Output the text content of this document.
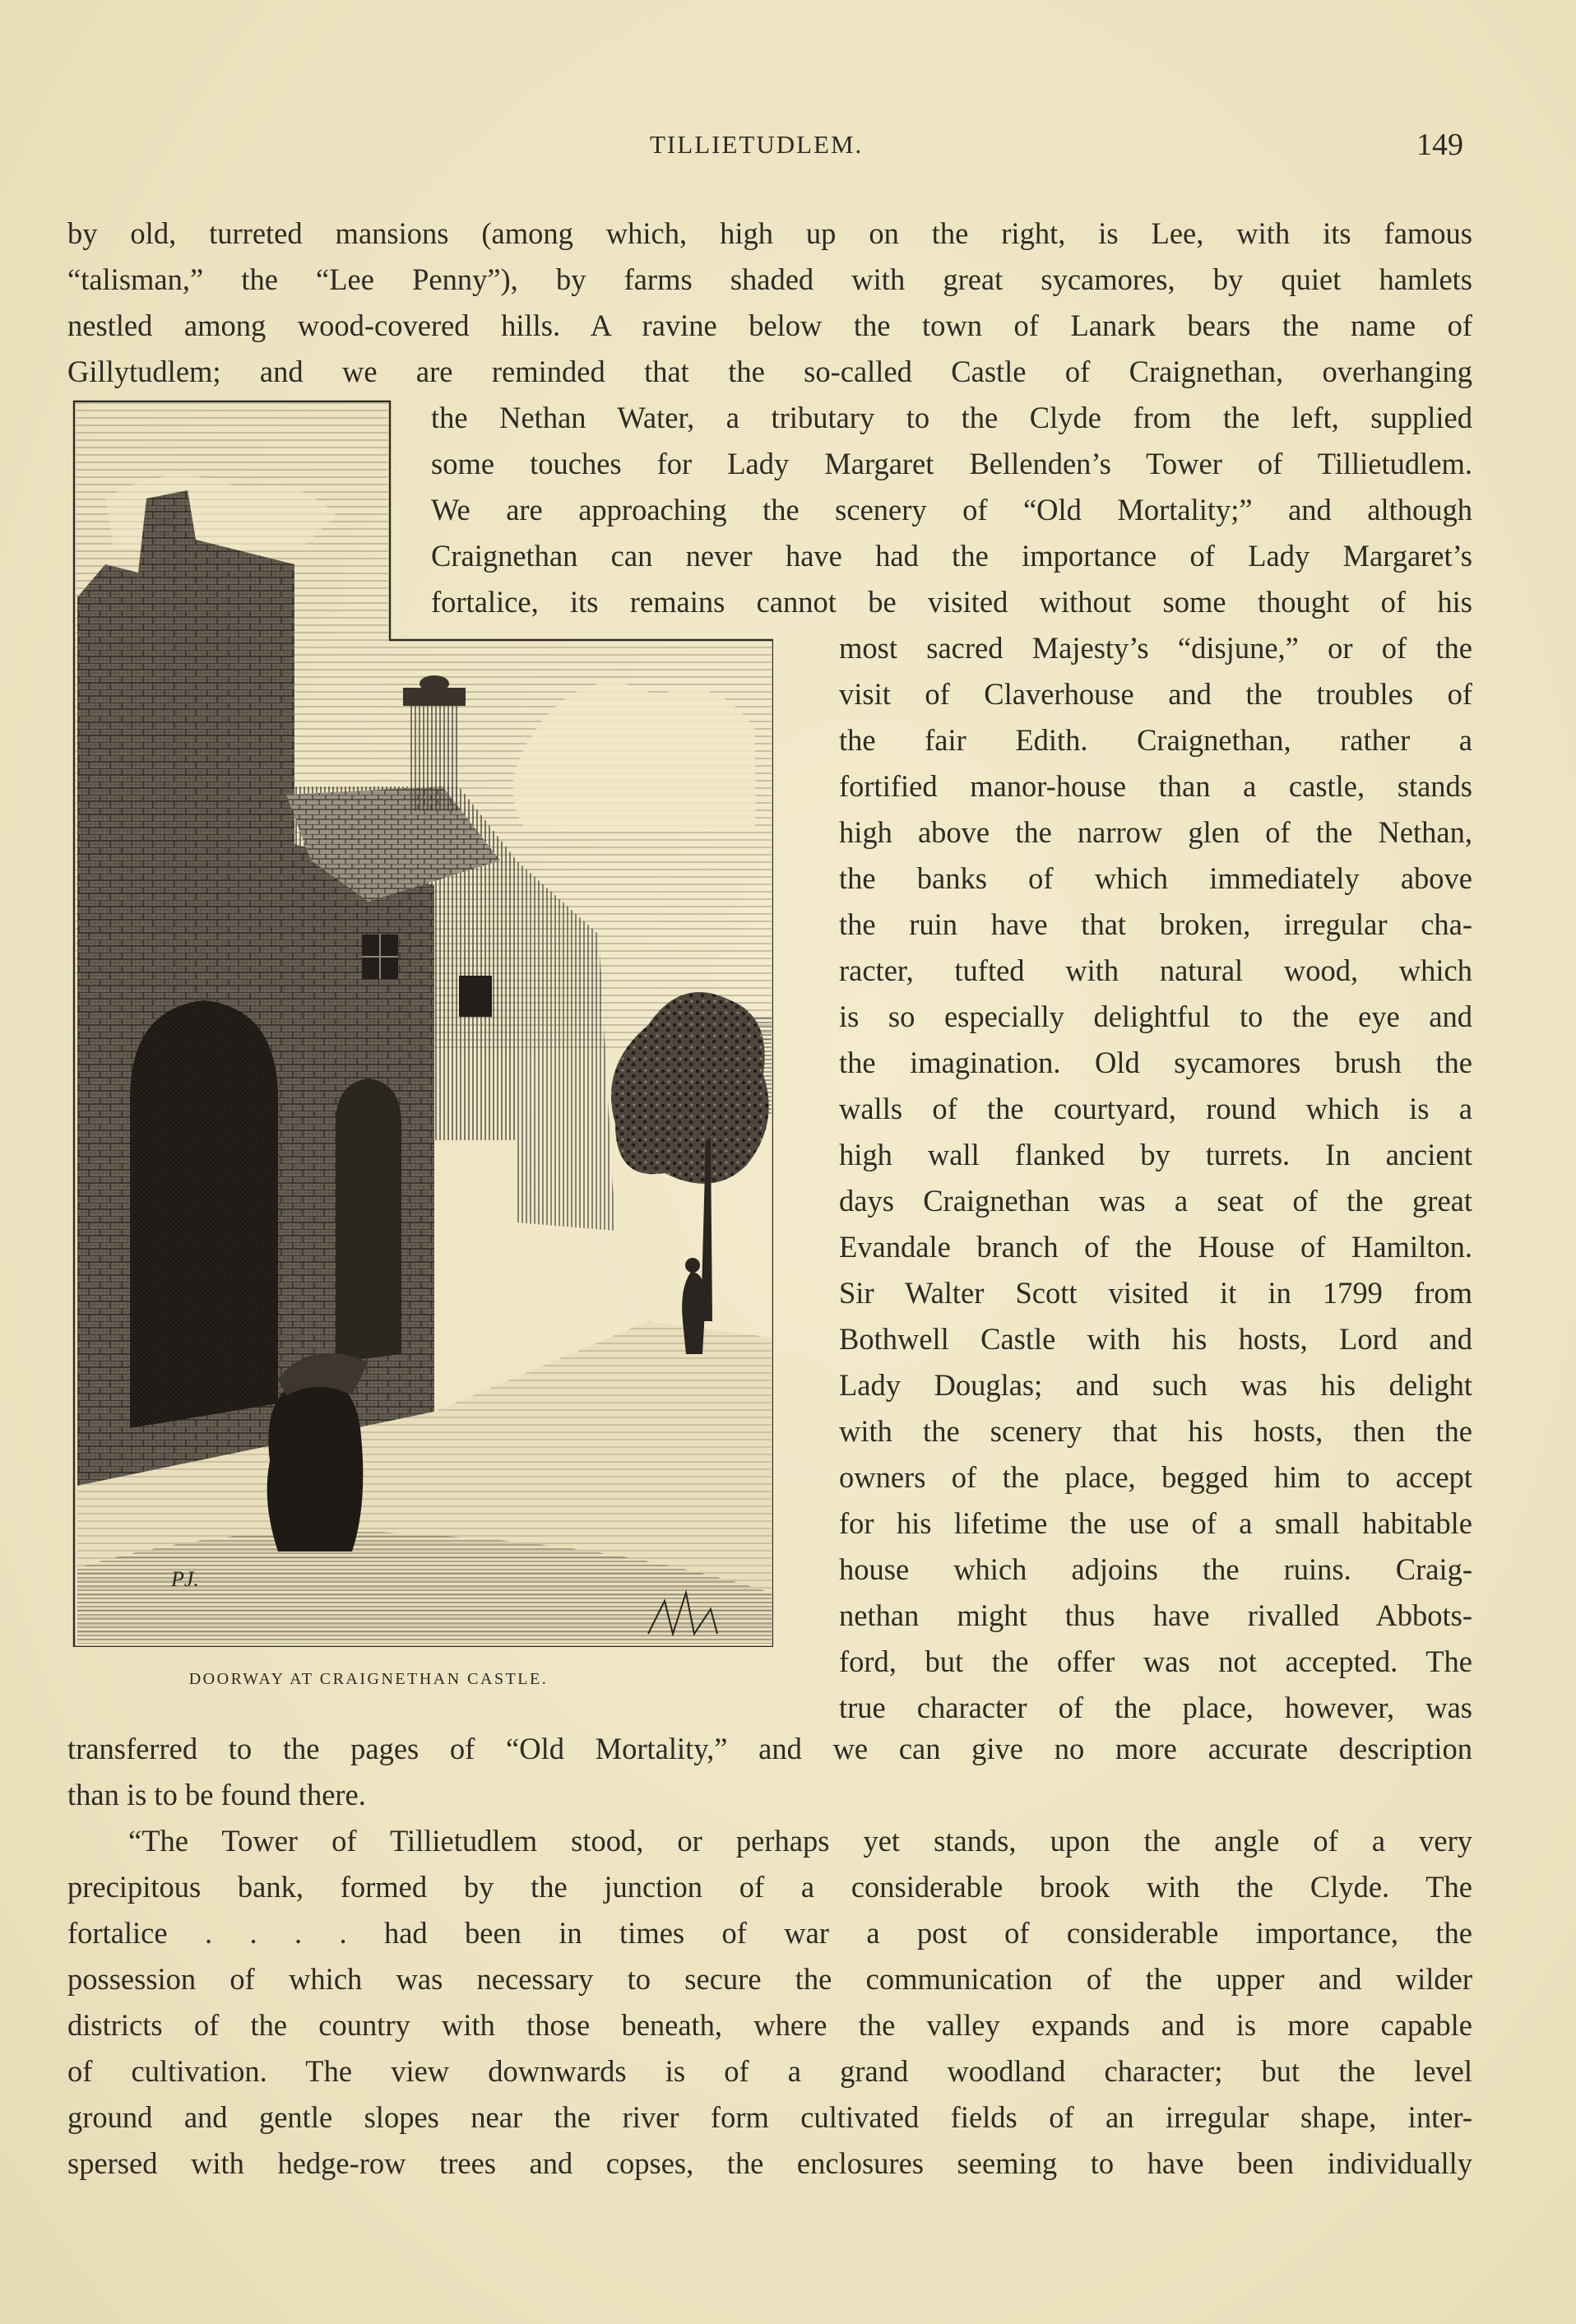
TILLIETUDLEM.	149
by old, turreted mansions (among which, high up on the right, is Lee, with its famous
“talisman,” the “Lee Penny”), by farms shaded with great sycamores, by quiet hamlets
nestled among wood-covered hills. A ravine below the town of Lanark bears the name of
Gillytudlem; and we are reminded that the so-called Castle of Craignethan, overhanging
the Nethan Water, a tributary to the Clyde from the left, supplied
some touches for Lady Margaret Bellenden’s Tower of Tillietudlem.
We are approaching the scenery of “Old Mortality;” and although
Craignethan can never have had the importance of Lady Margaret’s
fortalice, its remains cannot be visited without some thought of his
most sacred Majesty’s “disjune,” or of the
visit of Claverhouse and the troubles of
the fair Edith. Craignethan, rather a
fortified manor-house than a castle, stands
high above the narrow glen of the Nethan,
the banks of which immediately above
the ruin have that broken, irregular cha-
racter, tufted with natural wood, which
is so especially delightful to the eye and
the imagination. Old sycamores brush the
walls of the courtyard, round which is a
high wall flanked by turrets. In ancient
days Craignethan was a seat of the great
Evandale branch of the House of Hamilton.
Sir Walter Scott visited it in 1799 from
Bothwell Castle with his hosts, Lord and
Lady Douglas; and such was his delight
with the scenery that his hosts, then the
owners of the place, begged him to accept
for his lifetime the use of a small habitable
house which adjoins the ruins. Craig-
nethan might thus have rivalled Abbots-
ford, but the offer was not accepted. The
true character of the place, however, was
PJ.
DOORWAY AT CRAIGNETHAN CASTLE.
transferred to the pages of “Old Mortality,” and we can give no more accurate description
than is to be found there.
“The Tower of Tillietudlem stood, or perhaps yet stands, upon the angle of a very
precipitous bank, formed by the junction of a considerable brook with the Clyde. The
fortalice . . . . had been in times of war a post of considerable importance, the
possession of which was necessary to secure the communication of the upper and wilder
districts of the country with those beneath, where the valley expands and is more capable
of cultivation. The view downwards is of a grand woodland character; but the level
ground and gentle slopes near the river form cultivated fields of an irregular shape, inter-
spersed with hedge-row trees and copses, the enclosures seeming to have been individually
